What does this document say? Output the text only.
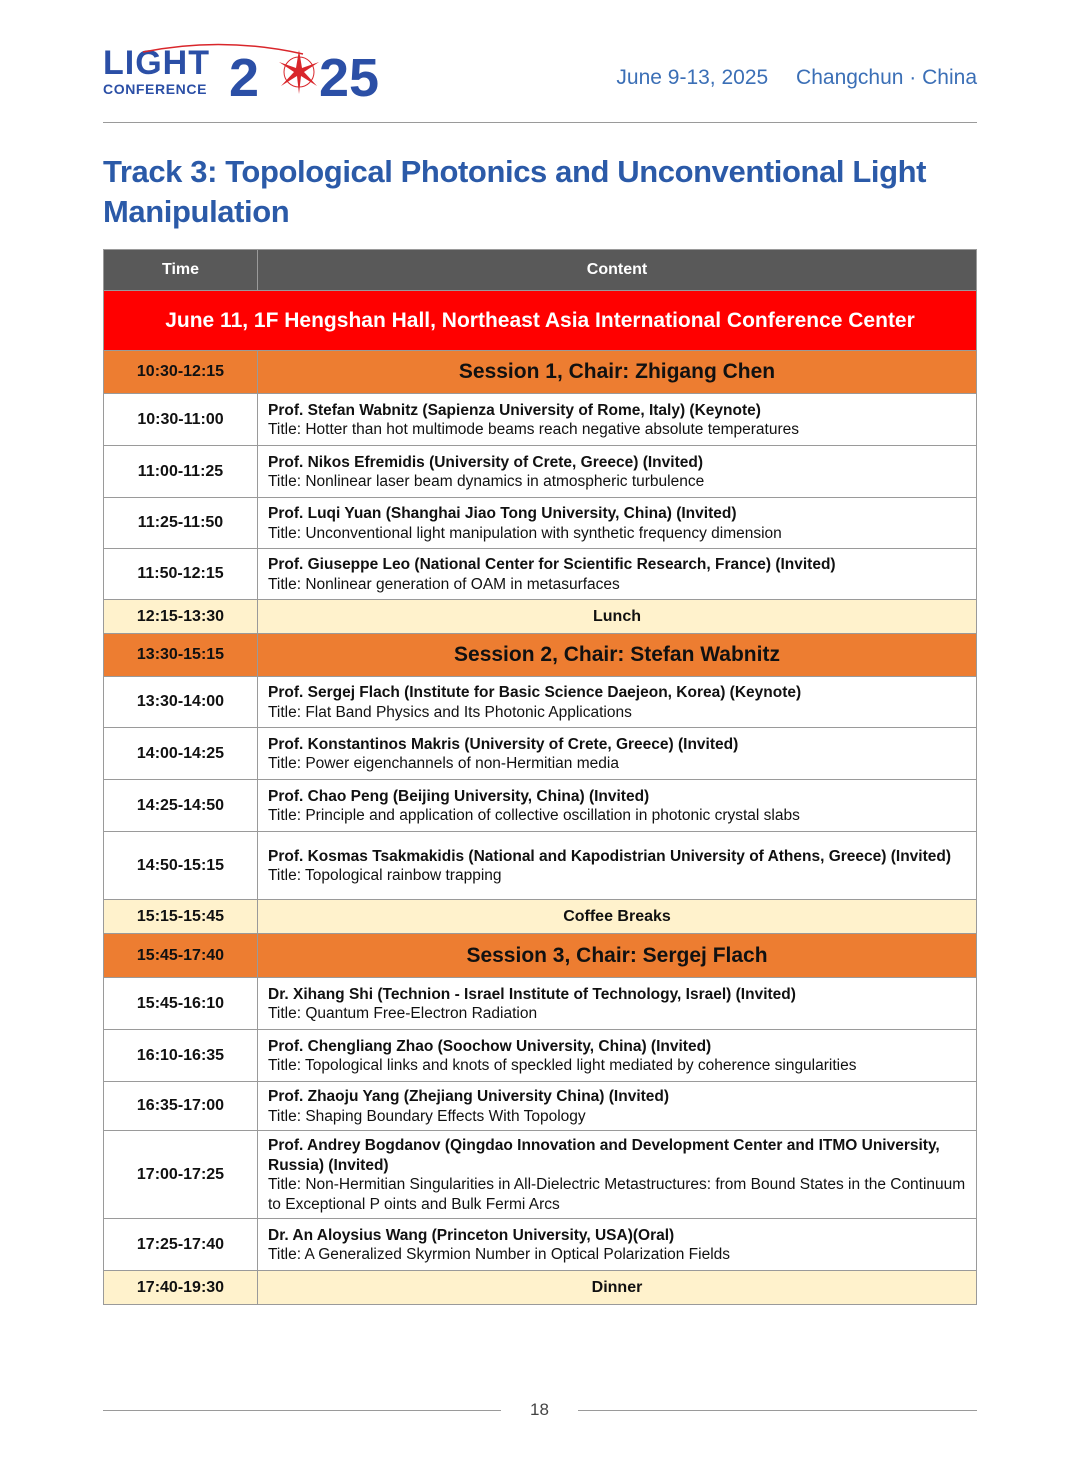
LIGHT
CONFERENCE 2 25	June 9-13, 2025 Changchun · China
Track 3: Topological Photonics and Unconventional Light Manipulation
Time	Content
June 11, 1F Hengshan Hall, Northeast Asia International Conference Center	
10:30-12:15	Session 1, Chair: Zhigang Chen
10:30-11:00	Prof. Stefan Wabnitz (Sapienza University of Rome, Italy) (Keynote)
Title: Hotter than hot multimode beams reach negative absolute temperatures

11:00-11:25	Prof. Nikos Efremidis (University of Crete, Greece) (Invited)
Title: Nonlinear laser beam dynamics in atmospheric turbulence

11:25-11:50	Prof. Luqi Yuan (Shanghai Jiao Tong University, China) (Invited)
Title: Unconventional light manipulation with synthetic frequency dimension

11:50-12:15	Prof. Giuseppe Leo (National Center for Scientific Research, France) (Invited)
Title: Nonlinear generation of OAM in metasurfaces

12:15-13:30	Lunch
13:30-15:15	Session 2, Chair: Stefan Wabnitz
13:30-14:00	Prof. Sergej Flach (Institute for Basic Science Daejeon, Korea) (Keynote)
Title: Flat Band Physics and Its Photonic Applications

14:00-14:25	Prof. Konstantinos Makris (University of Crete, Greece) (Invited)
Title: Power eigenchannels of non-Hermitian media

14:25-14:50	Prof. Chao Peng (Beijing University, China) (Invited)
Title: Principle and application of collective oscillation in photonic crystal slabs

14:50-15:15	Prof. Kosmas Tsakmakidis (National and Kapodistrian University of Athens, Greece) (Invited)
Title: Topological rainbow trapping

15:15-15:45	Coffee Breaks
15:45-17:40	Session 3, Chair: Sergej Flach
15:45-16:10	Dr. Xihang Shi (Technion - Israel Institute of Technology, Israel) (Invited)
Title: Quantum Free-Electron Radiation

16:10-16:35	Prof. Chengliang Zhao (Soochow University, China) (Invited)
Title: Topological links and knots of speckled light mediated by coherence singularities

16:35-17:00	Prof. Zhaoju Yang (Zhejiang University China) (Invited)
Title: Shaping Boundary Effects With Topology

17:00-17:25	Prof. Andrey Bogdanov (Qingdao Innovation and Development Center and ITMO University, Russia) (Invited)
Title: Non-Hermitian Singularities in All-Dielectric Metastructures: from Bound States in the Continuum to Exceptional P oints and Bulk Fermi Arcs

17:25-17:40	Dr. An Aloysius Wang (Princeton University, USA)(Oral)
Title: A Generalized Skyrmion Number in Optical Polarization Fields

17:40-19:30	Dinner
18
